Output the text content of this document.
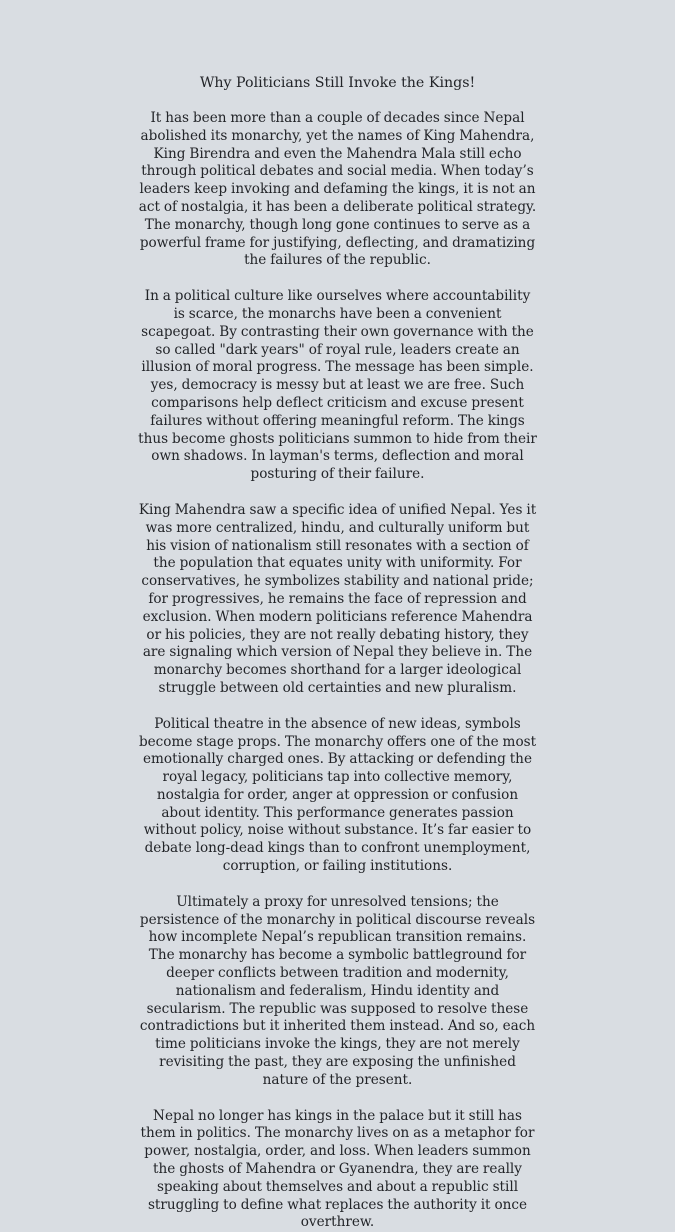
Why Politicians Still Invoke the Kings!

It has been more than a couple of decades since Nepal abolished its monarchy, yet the names of King Mahendra, King Birendra and even the Mahendra Mala still echo through political debates and social media. When today’s leaders keep invoking and defaming the kings, it is not an act of nostalgia, it has been a deliberate political strategy. The monarchy, though long gone continues to serve as a powerful frame for justifying, deflecting, and dramatizing the failures of the republic.

In a political culture like ourselves where accountability is scarce, the monarchs have been a convenient scapegoat. By contrasting their own governance with the so called "dark years" of royal rule, leaders create an illusion of moral progress. The message has been simple. yes, democracy is messy but at least we are free. Such comparisons help deflect criticism and excuse present failures without offering meaningful reform. The kings thus become ghosts politicians summon to hide from their own shadows. In layman's terms, deflection and moral posturing of their failure.

King Mahendra saw a specific idea of unified Nepal. Yes it was more centralized, hindu, and culturally uniform but his vision of nationalism still resonates with a section of the population that equates unity with uniformity. For conservatives, he symbolizes stability and national pride; for progressives, he remains the face of repression and exclusion. When modern politicians reference Mahendra or his policies, they are not really debating history, they are signaling which version of Nepal they believe in. The monarchy becomes shorthand for a larger ideological struggle between old certainties and new pluralism.

Political theatre in the absence of new ideas, symbols become stage props. The monarchy offers one of the most emotionally charged ones. By attacking or defending the royal legacy, politicians tap into collective memory, nostalgia for order, anger at oppression or confusion about identity. This performance generates passion without policy, noise without substance. It’s far easier to debate long-dead kings than to confront unemployment, corruption, or failing institutions.

Ultimately a proxy for unresolved tensions; the persistence of the monarchy in political discourse reveals how incomplete Nepal’s republican transition remains. The monarchy has become a symbolic battleground for deeper conflicts between tradition and modernity, nationalism and federalism, Hindu identity and secularism. The republic was supposed to resolve these contradictions but it inherited them instead. And so, each time politicians invoke the kings, they are not merely revisiting the past, they are exposing the unfinished nature of the present.

Nepal no longer has kings in the palace but it still has them in politics. The monarchy lives on as a metaphor for power, nostalgia, order, and loss. When leaders summon the ghosts of Mahendra or Gyanendra, they are really speaking about themselves and about a republic still struggling to define what replaces the authority it once overthrew.
